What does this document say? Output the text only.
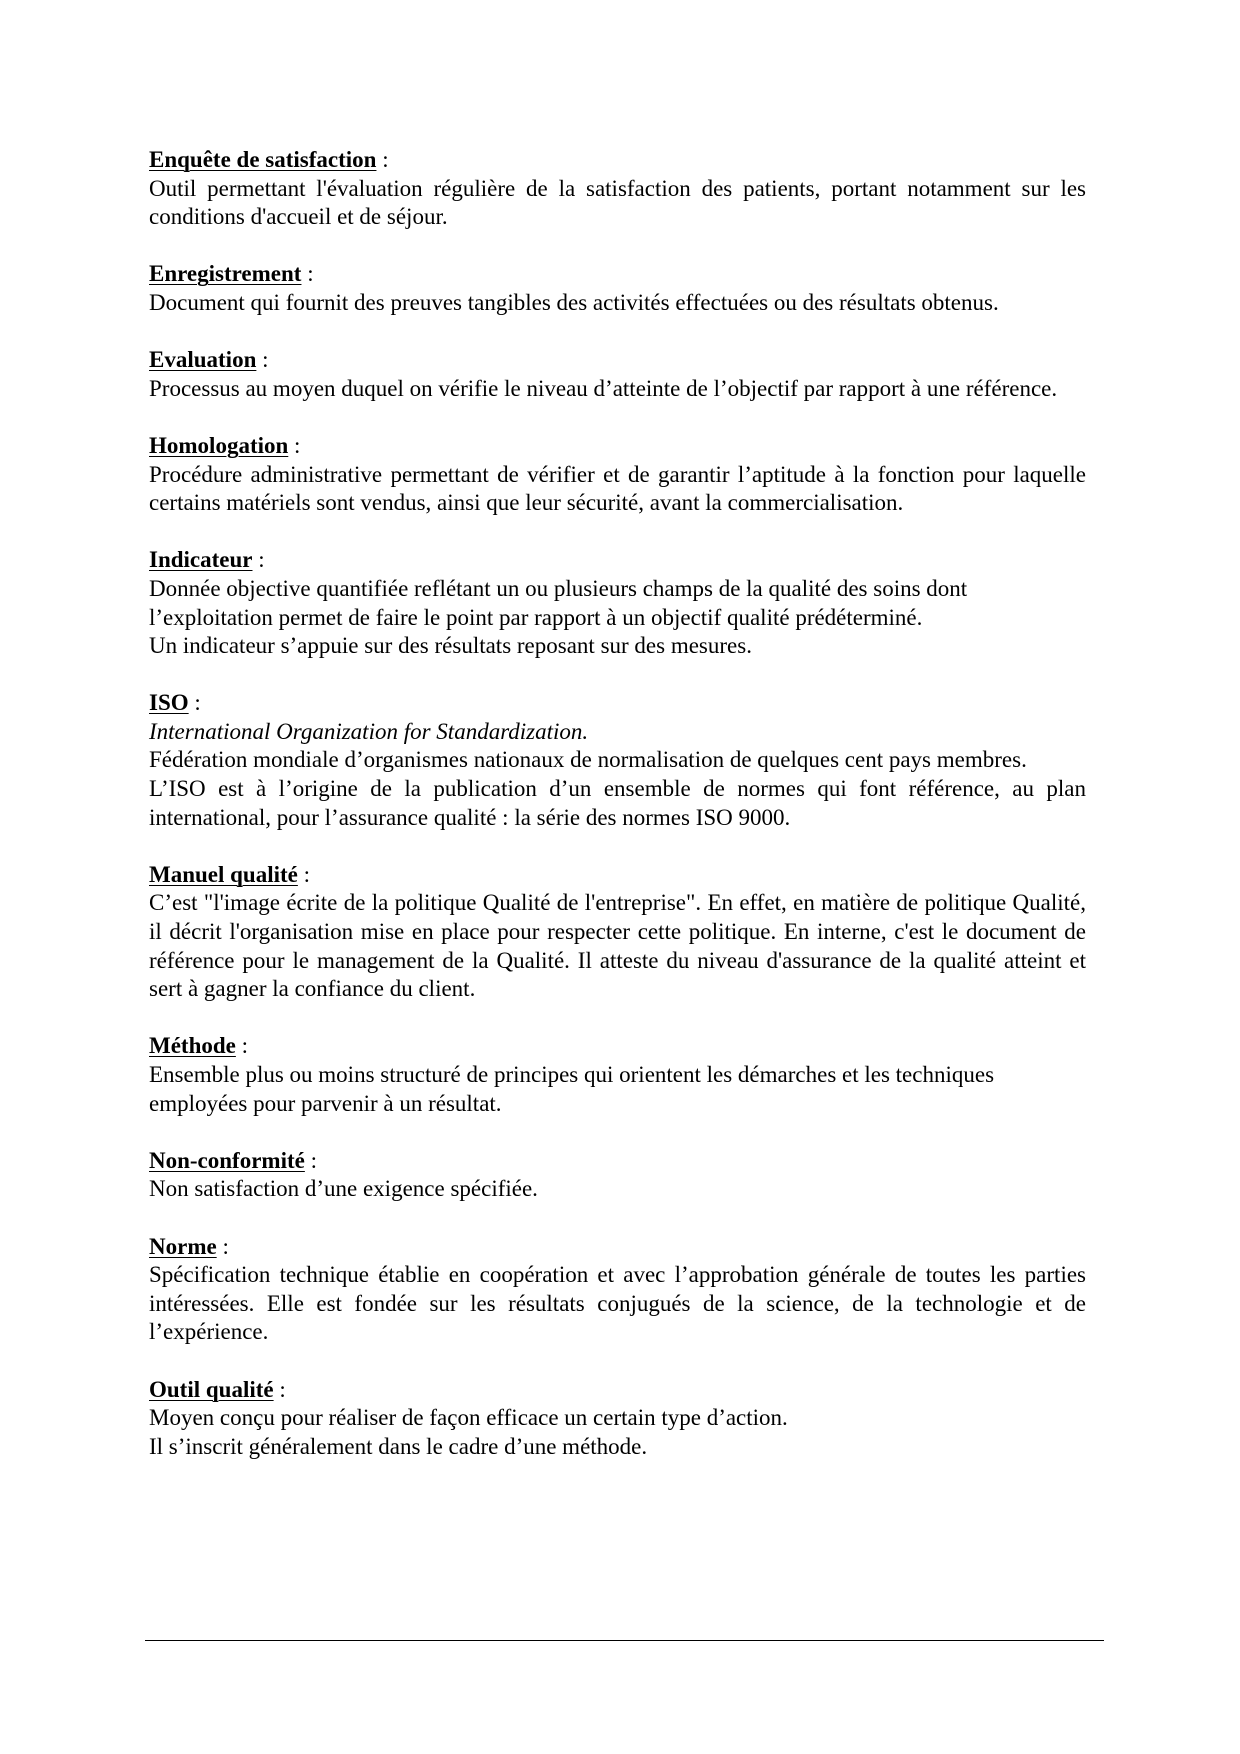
Enquête de satisfaction :

Outil permettant l'évaluation régulière de la satisfaction des patients, portant notamment sur les conditions d'accueil et de séjour.

Enregistrement :

Document qui fournit des preuves tangibles des activités effectuées ou des résultats obtenus.

Evaluation :

Processus au moyen duquel on vérifie le niveau d’atteinte de l’objectif par rapport à une référence.

Homologation :

Procédure administrative permettant de vérifier et de garantir l’aptitude à la fonction pour laquelle certains matériels sont vendus, ainsi que leur sécurité, avant la commercialisation.

Indicateur :

Donnée objective quantifiée reflétant un ou plusieurs champs de la qualité des soins dont l’exploitation permet de faire le point par rapport à un objectif qualité prédéterminé.

Un indicateur s’appuie sur des résultats reposant sur des mesures.

ISO :

International Organization for Standardization.

Fédération mondiale d’organismes nationaux de normalisation de quelques cent pays membres.

L’ISO est à l’origine de la publication d’un ensemble de normes qui font référence, au plan international, pour l’assurance qualité : la série des normes ISO 9000.

Manuel qualité :

C’est "l'image écrite de la politique Qualité de l'entreprise". En effet, en matière de politique Qualité, il décrit l'organisation mise en place pour respecter cette politique. En interne, c'est le document de référence pour le management de la Qualité. Il atteste du niveau d'assurance de la qualité atteint et sert à gagner la confiance du client.

Méthode :

Ensemble plus ou moins structuré de principes qui orientent les démarches et les techniques employées pour parvenir à un résultat.

Non-conformité :

Non satisfaction d’une exigence spécifiée.

Norme :

Spécification technique établie en coopération et avec l’approbation générale de toutes les parties intéressées. Elle est fondée sur les résultats conjugués de la science, de la technologie et de l’expérience.

Outil qualité :

Moyen conçu pour réaliser de façon efficace un certain type d’action.

Il s’inscrit généralement dans le cadre d’une méthode.
